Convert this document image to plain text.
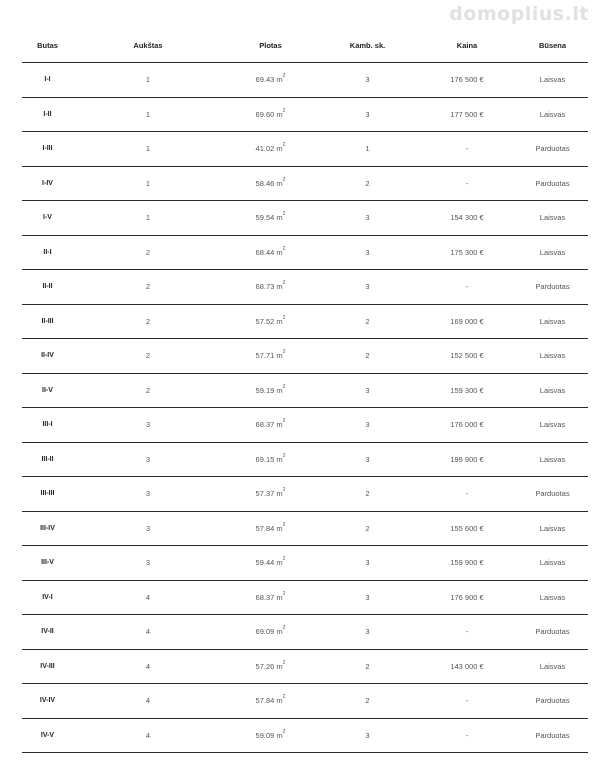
domoplius.lt
Butas	Aukštas	Plotas	Kamb. sk.	Kaina	Būsena
I-I	1	69.43 $m^2$	3	176 500 €	Laisvas
I-II	1	69.60 $m^2$	3	177 500 €	Laisvas
I-III	1	41.02 $m^2$	1	-	Parduotas
I-IV	1	58.46 $m^2$	2	-	Parduotas
I-V	1	59.54 $m^2$	3	154 300 €	Laisvas
II-I	2	68.44 $m^2$	3	175 300 €	Laisvas
II-II	2	68.73 $m^2$	3	-	Parduotas
II-III	2	57.52 $m^2$	2	169 000 €	Laisvas
II-IV	2	57.71 $m^2$	2	152 500 €	Laisvas
II-V	2	59.19 $m^2$	3	159 300 €	Laisvas
III-I	3	68.37 $m^2$	3	176 000 €	Laisvas
III-II	3	69.15 $m^2$	3	199 900 €	Laisvas
III-III	3	57.37 $m^2$	2	-	Parduotas
III-IV	3	57.84 $m^2$	2	155 600 €	Laisvas
III-V	3	59.44 $m^2$	3	159 900 €	Laisvas
IV-I	4	68.37 $m^2$	3	176 900 €	Laisvas
IV-II	4	69.09 $m^2$	3	-	Parduotas
IV-III	4	57.26 $m^2$	2	143 000 €	Laisvas
IV-IV	4	57.84 $m^2$	2	-	Parduotas
IV-V	4	59.09 $m^2$	3	-	Parduotas
